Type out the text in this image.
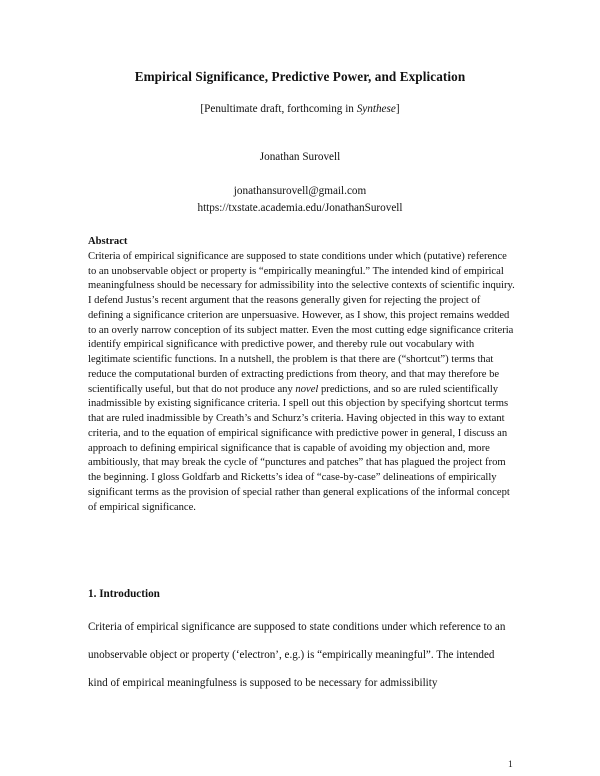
Empirical Significance, Predictive Power, and Explication
[Penultimate draft, forthcoming in Synthese]
Jonathan Surovell
jonathansurovell@gmail.com
https://txstate.academia.edu/JonathanSurovell
Abstract
Criteria of empirical significance are supposed to state conditions under which (putative) reference to an unobservable object or property is “empirically meaningful.” The intended kind of empirical meaningfulness should be necessary for admissibility into the selective contexts of scientific inquiry. I defend Justus’s recent argument that the reasons generally given for rejecting the project of defining a significance criterion are unpersuasive. However, as I show, this project remains wedded to an overly narrow conception of its subject matter. Even the most cutting edge significance criteria identify empirical significance with predictive power, and thereby rule out vocabulary with legitimate scientific functions. In a nutshell, the problem is that there are (“shortcut”) terms that reduce the computational burden of extracting predictions from theory, and that may therefore be scientifically useful, but that do not produce any novel predictions, and so are ruled scientifically inadmissible by existing significance criteria. I spell out this objection by specifying shortcut terms that are ruled inadmissible by Creath’s and Schurz’s criteria. Having objected in this way to extant criteria, and to the equation of empirical significance with predictive power in general, I discuss an approach to defining empirical significance that is capable of avoiding my objection and, more ambitiously, that may break the cycle of “punctures and patches” that has plagued the project from the beginning. I gloss Goldfarb and Ricketts’s idea of “case-by-case” delineations of empirically significant terms as the provision of special rather than general explications of the informal concept of empirical significance.
1. Introduction
Criteria of empirical significance are supposed to state conditions under which reference to an unobservable object or property (‘electron’, e.g.) is “empirically meaningful”. The intended kind of empirical meaningfulness is supposed to be necessary for admissibility
1
